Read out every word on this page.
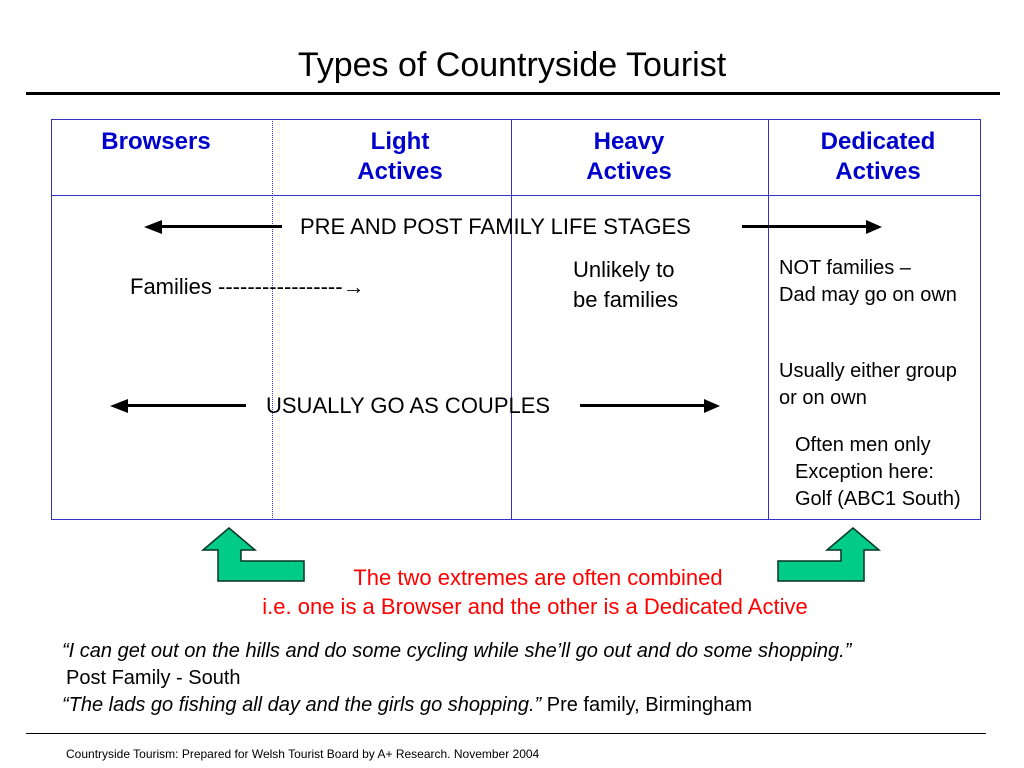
Types of Countryside Tourist
Browsers	Light
Actives
Heavy
Actives
Dedicated
Actives
PRE AND POST FAMILY LIFE STAGES
Families -----------------→
Unlikely to
be families
NOT families –
Dad may go on own
Usually either group
or on own
USUALLY GO AS COUPLES
Often men only
Exception here:
Golf (ABC1 South)
The two extremes are often combined
i.e. one is a Browser and the other is a Dedicated Active
“I can get out on the hills and do some cycling while she’ll go out and do some shopping.”
Post Family - South
“The lads go fishing all day and the girls go shopping.” Pre family, Birmingham
Countryside Tourism: Prepared for Welsh Tourist Board by A+ Research. November 2004
